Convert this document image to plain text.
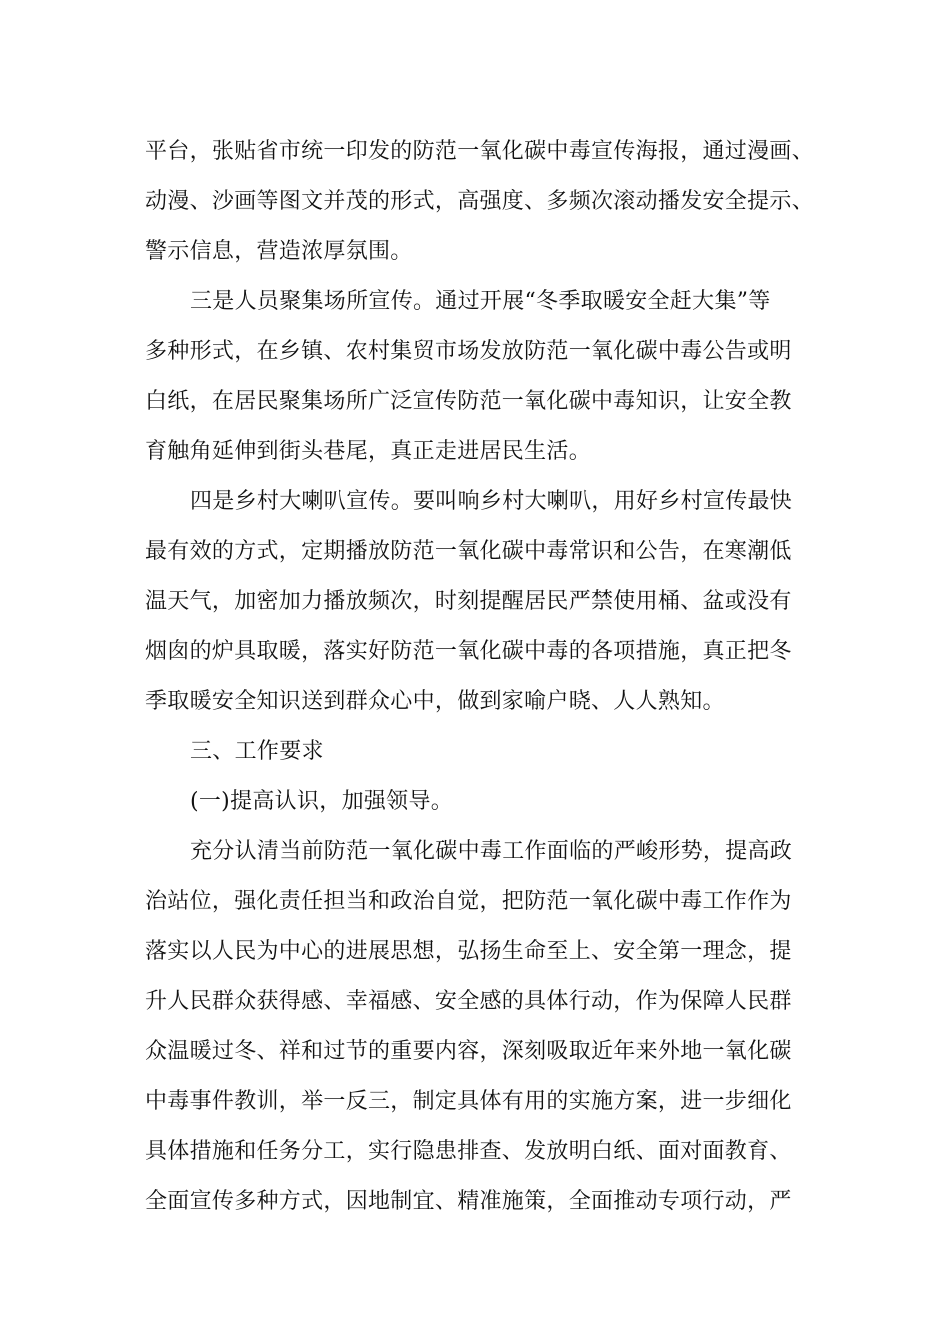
平台，张贴省市统一印发的防范一氧化碳中毒宣传海报，通过漫画、
动漫、沙画等图文并茂的形式，高强度、多频次滚动播发安全提示、
警示信息，营造浓厚氛围。
三是人员聚集场所宣传。通过开展“冬季取暖安全赶大集”等
多种形式，在乡镇、农村集贸市场发放防范一氧化碳中毒公告或明
白纸，在居民聚集场所广泛宣传防范一氧化碳中毒知识，让安全教
育触角延伸到街头巷尾，真正走进居民生活。
四是乡村大喇叭宣传。要叫响乡村大喇叭，用好乡村宣传最快
最有效的方式，定期播放防范一氧化碳中毒常识和公告，在寒潮低
温天气，加密加力播放频次，时刻提醒居民严禁使用桶、盆或没有
烟囱的炉具取暖，落实好防范一氧化碳中毒的各项措施，真正把冬
季取暖安全知识送到群众心中，做到家喻户晓、人人熟知。
三、工作要求
(一)提高认识，加强领导。
充分认清当前防范一氧化碳中毒工作面临的严峻形势，提高政
治站位，强化责任担当和政治自觉，把防范一氧化碳中毒工作作为
落实以人民为中心的进展思想，弘扬生命至上、安全第一理念，提
升人民群众获得感、幸福感、安全感的具体行动，作为保障人民群
众温暖过冬、祥和过节的重要内容，深刻吸取近年来外地一氧化碳
中毒事件教训，举一反三，制定具体有用的实施方案，进一步细化
具体措施和任务分工，实行隐患排查、发放明白纸、面对面教育、
全面宣传多种方式，因地制宜、精准施策，全面推动专项行动，严
